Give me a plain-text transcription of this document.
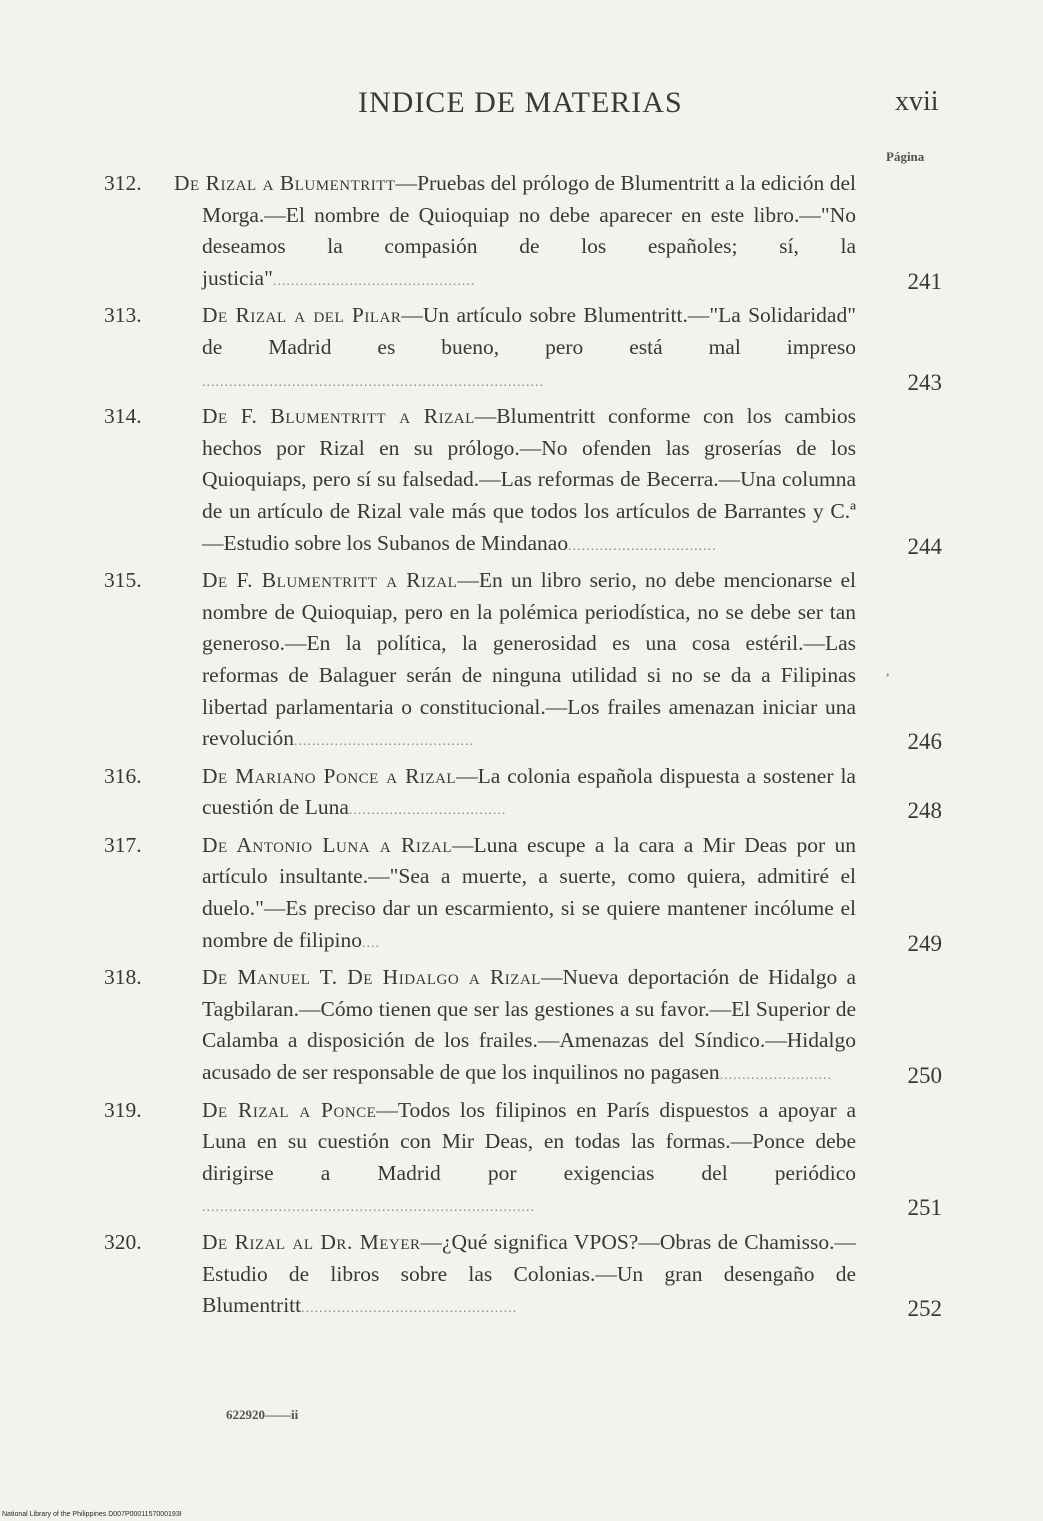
INDICE DE MATERIAS	xvii
Página
312.	De Rizal a Blumentritt—Pruebas del prólogo de Blumentritt a la edición del Morga.—El nombre de Quioquiap no debe aparecer en este libro.—"No deseamos la compasión de los españoles; sí, la justicia".............................................	241
313.	De Rizal a del Pilar—Un artículo sobre Blumentritt.—"La Solidaridad" de Madrid es bueno, pero está mal impreso ............................................................................	243
314.	De F. Blumentritt a Rizal—Blumentritt conforme con los cambios hechos por Rizal en su prólogo.—No ofenden las groserías de los Quioquiaps, pero sí su falsedad.—Las reformas de Becerra.—Una columna de un artículo de Rizal vale más que todos los artículos de Barrantes y C.ª—Estudio sobre los Subanos de Mindanao.................................	244
315.	De F. Blumentritt a Rizal—En un libro serio, no debe mencionarse el nombre de Quioquiap, pero en la polémica periodística, no se debe ser tan generoso.—En la política, la generosidad es una cosa estéril.—Las reformas de Balaguer serán de ninguna utilidad si no se da a Filipinas libertad parlamentaria o constitucional.—Los frailes amenazan iniciar una revolución........................................	246
316.	De Mariano Ponce a Rizal—La colonia española dispuesta a sostener la cuestión de Luna...................................	248
317.	De Antonio Luna a Rizal—Luna escupe a la cara a Mir Deas por un artículo insultante.—"Sea a muerte, a suerte, como quiera, admitiré el duelo."—Es preciso dar un escarmiento, si se quiere mantener incólume el nombre de filipino....	249
318.	De Manuel T. De Hidalgo a Rizal—Nueva deportación de Hidalgo a Tagbilaran.—Cómo tienen que ser las gestiones a su favor.—El Superior de Calamba a disposición de los frailes.—Amenazas del Síndico.—Hidalgo acusado de ser responsable de que los inquilinos no pagasen.........................	250
319.	De Rizal a Ponce—Todos los filipinos en París dispuestos a apoyar a Luna en su cuestión con Mir Deas, en todas las formas.—Ponce debe dirigirse a Madrid por exigencias del periódico ..........................................................................	251
320.	De Rizal al Dr. Meyer—¿Qué significa VPOS?—Obras de Chamisso.—Estudio de libros sobre las Colonias.—Un gran desengaño de Blumentritt................................................	252
,
622920——ii
National Library of the Philippines D007P0001157000193I
